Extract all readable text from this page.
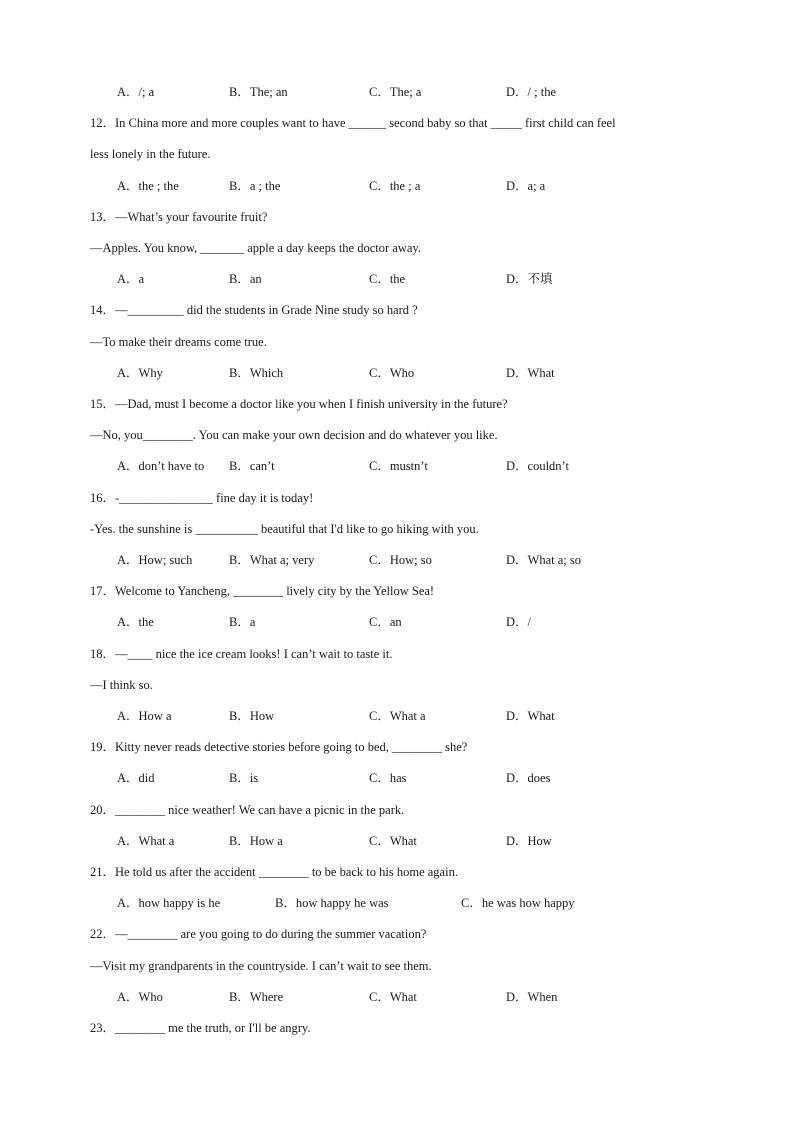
A．/; a	B．The; an	C．The; a	D．/ ; the
12．In China more and more couples want to have ______ second baby so that _____ first child can feel
less lonely in the future.
A．the ; the	B．a ; the	C．the ; a	D．a; a
13．—What’s your favourite fruit?
—Apples. You know, _______ apple a day keeps the doctor away.
A．a	B．an	C．the	D．不填
14．—_________ did the students in Grade Nine study so hard ?
—To make their dreams come true.
A．Why	B．Which	C．Who	D．What
15．—Dad, must I become a doctor like you when I finish university in the future?
—No, you________. You can make your own decision and do whatever you like.
A．don’t have to B．can’t	C．mustn’t	D．couldn’t
16．-_______________ fine day it is today!
-Yes. the sunshine is __________ beautiful that I'd like to go hiking with you.
A．How; such	B．What a; very	C．How; so	D．What a; so
17．Welcome to Yancheng, ________ lively city by the Yellow Sea!
A．the	B．a	C．an	D．/
18．—____ nice the ice cream looks! I can’t wait to taste it.
—I think so.
A．How a	B．How	C．What a	D．What
19．Kitty never reads detective stories before going to bed, ________ she?
A．did	B．is	C．has	D．does
20．________ nice weather! We can have a picnic in the park.
A．What a	B．How a	C．What	D．How
21．He told us after the accident ________ to be back to his home again.
A．how happy is he	B．how happy he was	C．he was how happy
22．—________ are you going to do during the summer vacation?
—Visit my grandparents in the countryside. I can’t wait to see them.
A．Who	B．Where	C．What	D．When
23．________ me the truth, or I'll be angry.
